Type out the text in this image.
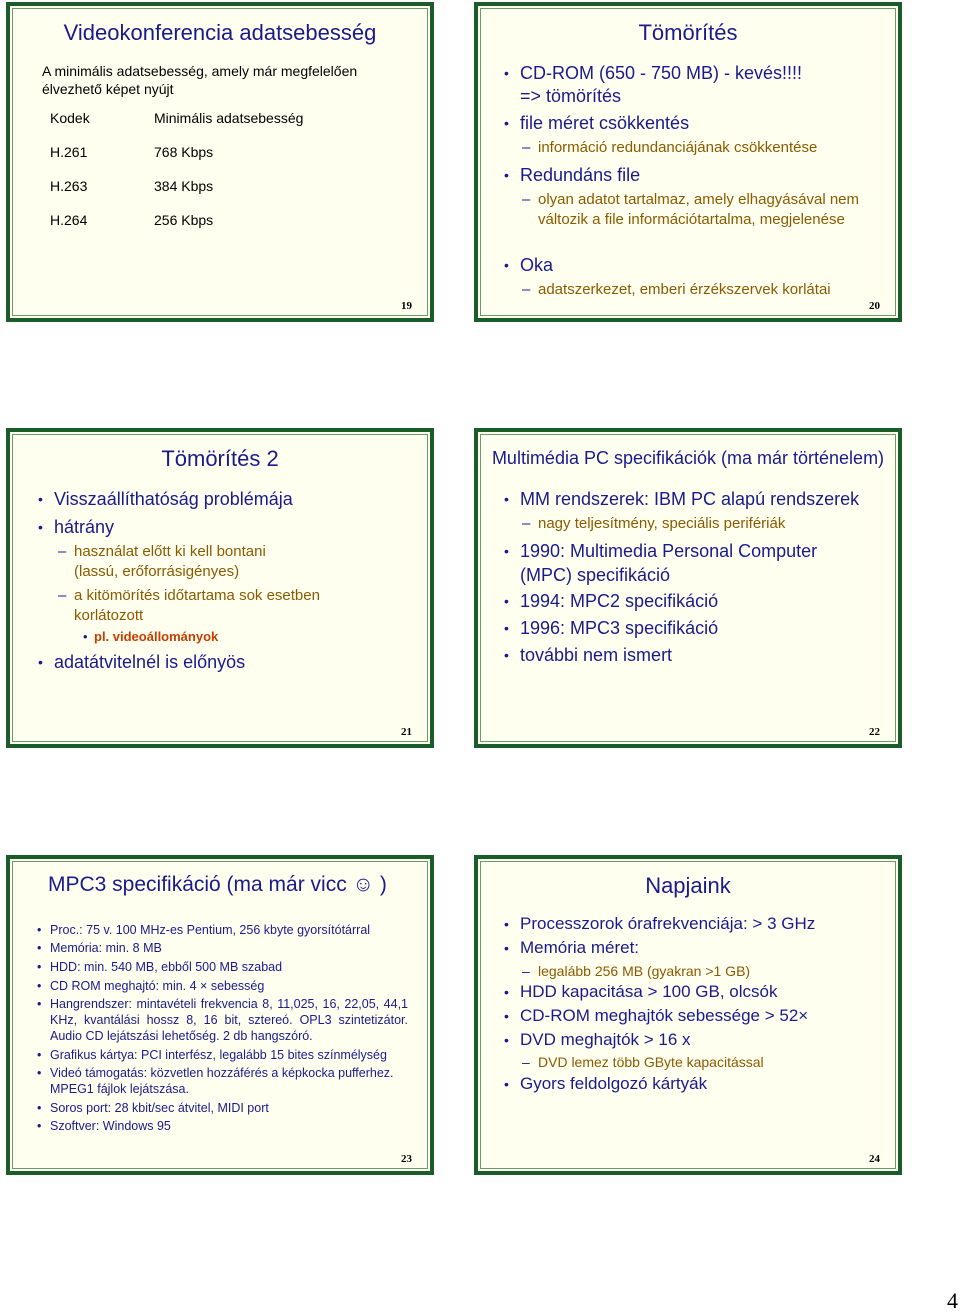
Videokonferencia adatsebesség
A minimális adatsebesség, amely már megfelelően élvezhető képet nyújt
Kodek	Minimális adatsebesség
H.261	768 Kbps
H.263	384 Kbps
H.264	256 Kbps
19
Tömörítés
• CD-ROM (650 - 750 MB) - kevés!!!!
=> tömörítés
• file méret csökkentés
– információ redundanciájának csökkentése
• Redundáns file
– olyan adatot tartalmaz, amely elhagyásával nem változik a file információtartalma, megjelenése
• Oka
– adatszerkezet, emberi érzékszervek korlátai
20
Tömörítés 2
• Visszaállíthatóság problémája
• hátrány
– használat előtt ki kell bontani (lassú, erőforrásigényes)
– a kitömörítés időtartama sok esetben korlátozott
• pl. videoállományok
• adatátvitelnél is előnyös
21
Multimédia PC specifikációk (ma már történelem)
• MM rendszerek: IBM PC alapú rendszerek
– nagy teljesítmény, speciális perifériák
• 1990: Multimedia Personal Computer (MPC) specifikáció
• 1994: MPC2 specifikáció
• 1996: MPC3 specifikáció
• további nem ismert
22
MPC3 specifikáció (ma már vicc ☺ )
• Proc.: 75 v. 100 MHz-es Pentium, 256 kbyte gyorsítótárral
• Memória: min. 8 MB
• HDD: min. 540 MB, ebből 500 MB szabad
• CD ROM meghajtó: min. 4 × sebesség
• Hangrendszer: mintavételi frekvencia 8, 11,025, 16, 22,05, 44,1 KHz, kvantálási hossz 8, 16 bit, sztereó. OPL3 szintetizátor. Audio CD lejátszási lehetőség. 2 db hangszóró.
• Grafikus kártya: PCI interfész, legalább 15 bites színmélység
• Videó támogatás: közvetlen hozzáférés a képkocka pufferhez. MPEG1 fájlok lejátszása.
• Soros port: 28 kbit/sec átvitel, MIDI port
• Szoftver: Windows 95
23
Napjaink
• Processzorok órafrekvenciája: > 3 GHz
• Memória méret:
– legalább 256 MB (gyakran >1 GB)
• HDD kapacitása > 100 GB, olcsók
• CD-ROM meghajtók sebessége > 52×
• DVD meghajtók > 16 x
– DVD lemez több GByte kapacitással
• Gyors feldolgozó kártyák
24
4
